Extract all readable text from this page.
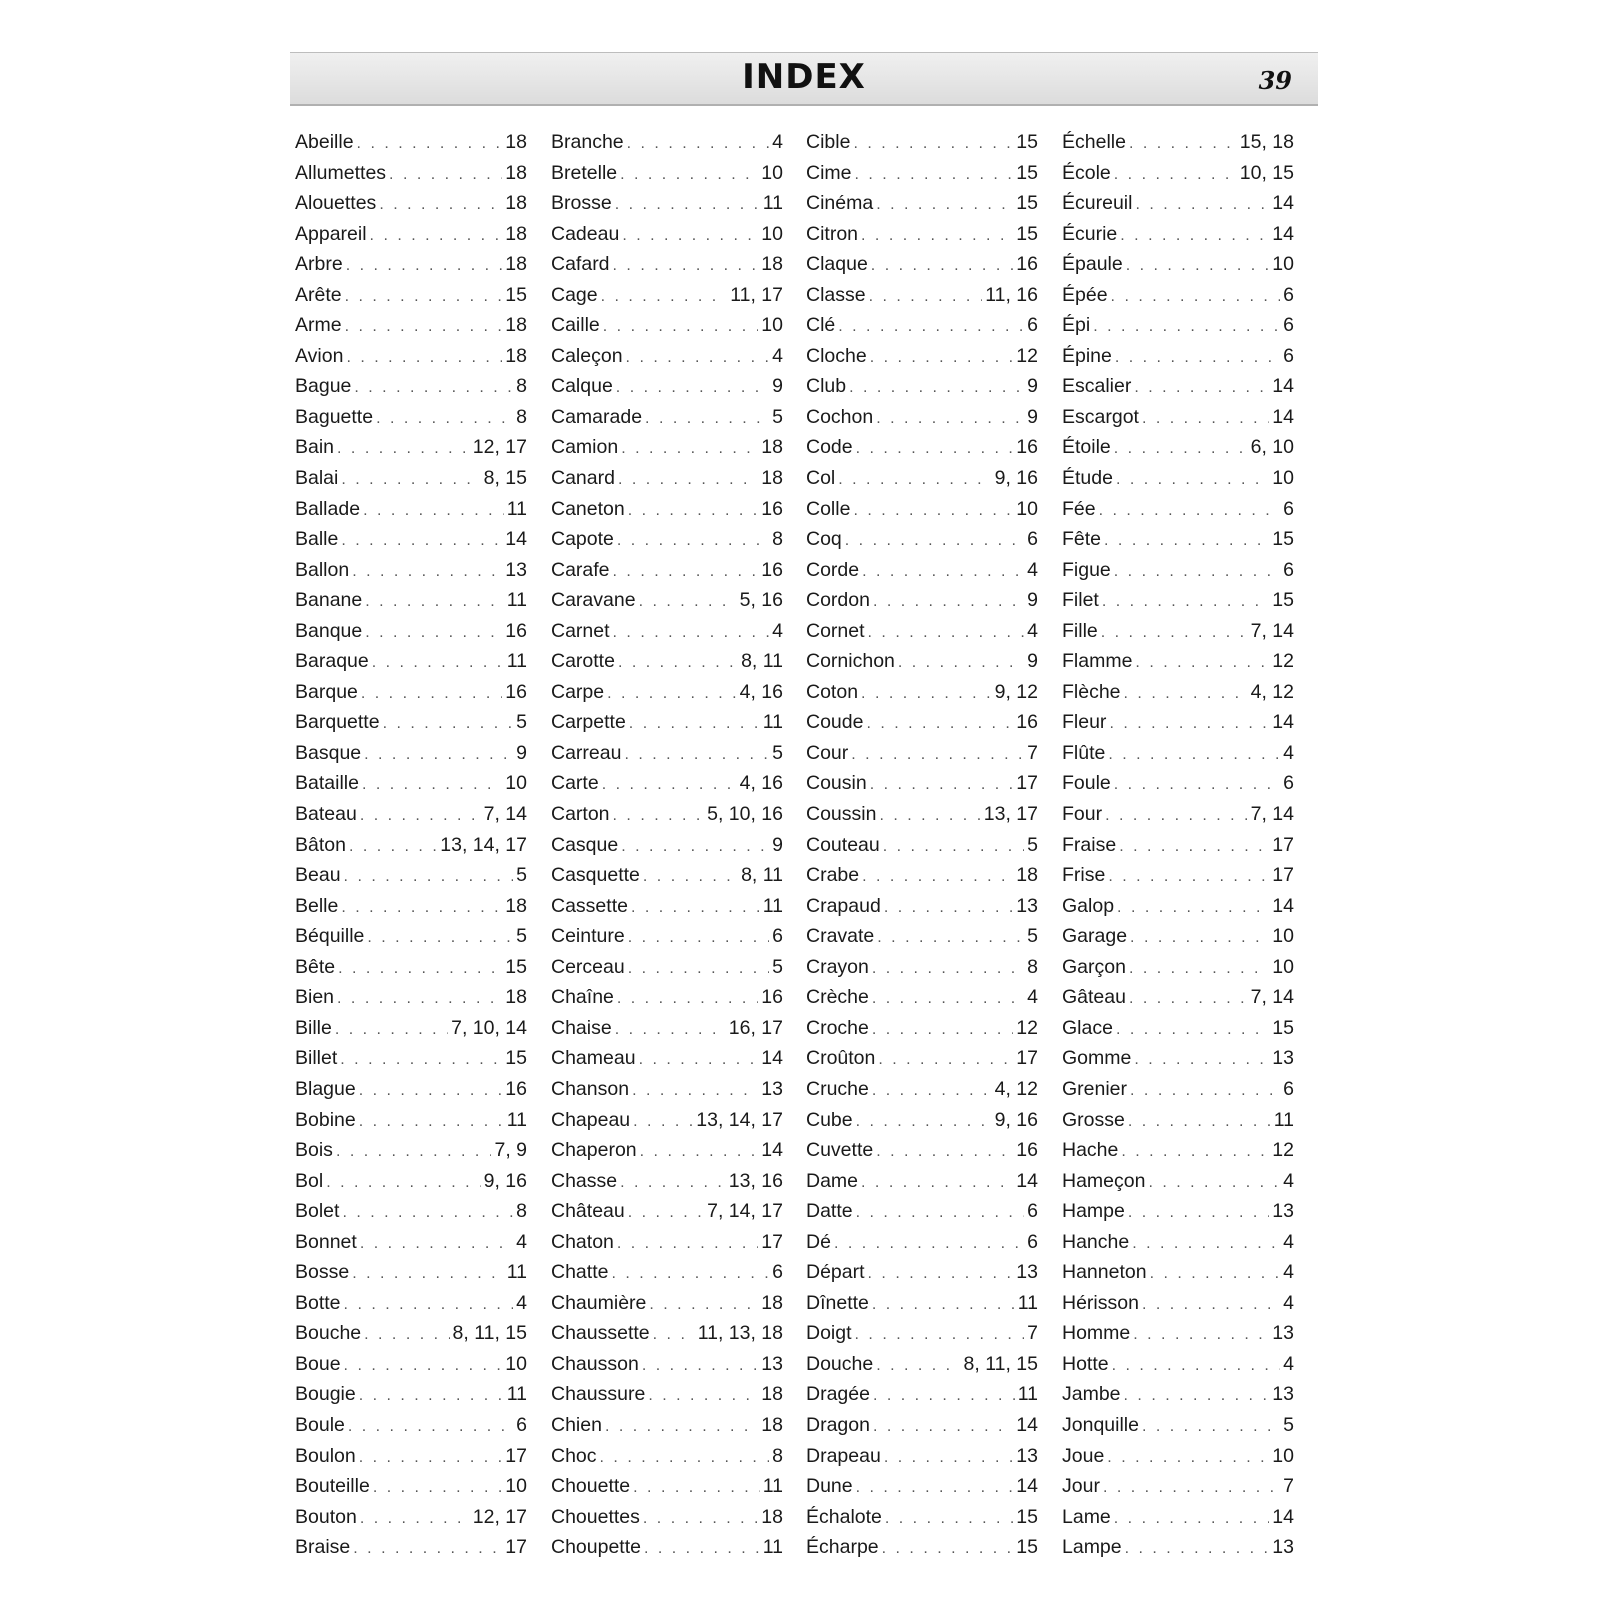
INDEX	39
Abeille . . .	18
Allumettes . . .	18
Alouettes . . .	18
Appareil . . .	18
Arbre . . .	18
Arête . . .	15
Arme . . .	18
Avion . . .	18
Bague . . .	8
Baguette . . .	8
Bain . . .	12, 17
Balai . . .	8, 15
Ballade . . .	11
Balle . . .	14
Ballon . . .	13
Banane . . .	11
Banque . . .	16
Baraque . . .	11
Barque . . .	16
Barquette . . .	5
Basque . . .	9
Bataille . . .	10
Bateau . . .	7, 14
Bâton . . .	13, 14, 17
Beau . . .	5
Belle . . .	18
Béquille . . .	5
Bête . . .	15
Bien . . .	18
Bille . . .	7, 10, 14
Billet . . .	15
Blague . . .	16
Bobine . . .	11
Bois . . .	7, 9
Bol . . .	9, 16
Bolet . . .	8
Bonnet . . .	4
Bosse . . .	11
Botte . . .	4
Bouche . . .	8, 11, 15
Boue . . .	10
Bougie . . .	11
Boule . . .	6
Boulon . . .	17
Bouteille . . .	10
Bouton . . .	12, 17
Braise . . .	17
Branche . . .	4
Bretelle . . .	10
Brosse . . .	11
Cadeau . . .	10
Cafard . . .	18
Cage . . .	11, 17
Caille . . .	10
Caleçon . . .	4
Calque . . .	9
Camarade . . .	5
Camion . . .	18
Canard . . .	18
Caneton . . .	16
Capote . . .	8
Carafe . . .	16
Caravane . . .	5, 16
Carnet . . .	4
Carotte . . .	8, 11
Carpe . . .	4, 16
Carpette . . .	11
Carreau . . .	5
Carte . . .	4, 16
Carton . . .	5, 10, 16
Casque . . .	9
Casquette . . .	8, 11
Cassette . . .	11
Ceinture . . .	6
Cerceau . . .	5
Chaîne . . .	16
Chaise . . .	16, 17
Chameau . . .	14
Chanson . . .	13
Chapeau . . .	13, 14, 17
Chaperon . . .	14
Chasse . . .	13, 16
Château . . .	7, 14, 17
Chaton . . .	17
Chatte . . .	6
Chaumière . . .	18
Chaussette . . . 11, 13, 18
Chausson . . .	13
Chaussure . . .	18
Chien . . .	18
Choc . . .	8
Chouette . . .	11
Chouettes . . .	18
Choupette . . .	11
Cible . . .	15
Cime . . .	15
Cinéma . . .	15
Citron . . .	15
Claque . . .	16
Classe . . .	11, 16
Clé . . .	6
Cloche . . .	12
Club . . .	9
Cochon . . .	9
Code . . .	16
Col . . .	9, 16
Colle . . .	10
Coq . . .	6
Corde . . .	4
Cordon . . .	9
Cornet . . .	4
Cornichon . . .	9
Coton . . .	9, 12
Coude . . .	16
Cour . . .	7
Cousin . . .	17
Coussin . . .	13, 17
Couteau . . .	5
Crabe . . .	18
Crapaud . . .	13
Cravate . . .	5
Crayon . . .	8
Crèche . . .	4
Croche . . .	12
Croûton . . .	17
Cruche . . .	4, 12
Cube . . .	9, 16
Cuvette . . .	16
Dame . . .	14
Datte . . .	6
Dé . . .	6
Départ . . .	13
Dînette . . .	11
Doigt . . .	7
Douche . . .	8, 11, 15
Dragée . . .	11
Dragon . . .	14
Drapeau . . .	13
Dune . . .	14
Échalote . . .	15
Écharpe . . .	15
Échelle . . .	15, 18
École . . .	10, 15
Écureuil . . .	14
Écurie . . .	14
Épaule . . .	10
Épée . . .	6
Épi . . .	6
Épine . . .	6
Escalier . . .	14
Escargot . . .	14
Étoile . . .	6, 10
Étude . . .	10
Fée . . .	6
Fête . . .	15
Figue . . .	6
Filet . . .	15
Fille . . .	7, 14
Flamme . . .	12
Flèche . . .	4, 12
Fleur . . .	14
Flûte . . .	4
Foule . . .	6
Four . . .	7, 14
Fraise . . .	17
Frise . . .	17
Galop . . .	14
Garage . . .	10
Garçon . . .	10
Gâteau . . .	7, 14
Glace . . .	15
Gomme . . .	13
Grenier . . .	6
Grosse . . .	11
Hache . . .	12
Hameçon . . .	4
Hampe . . .	13
Hanche . . .	4
Hanneton . . .	4
Hérisson . . .	4
Homme . . .	13
Hotte . . .	4
Jambe . . .	13
Jonquille . . .	5
Joue . . .	10
Jour . . .	7
Lame . . .	14
Lampe . . .	13
